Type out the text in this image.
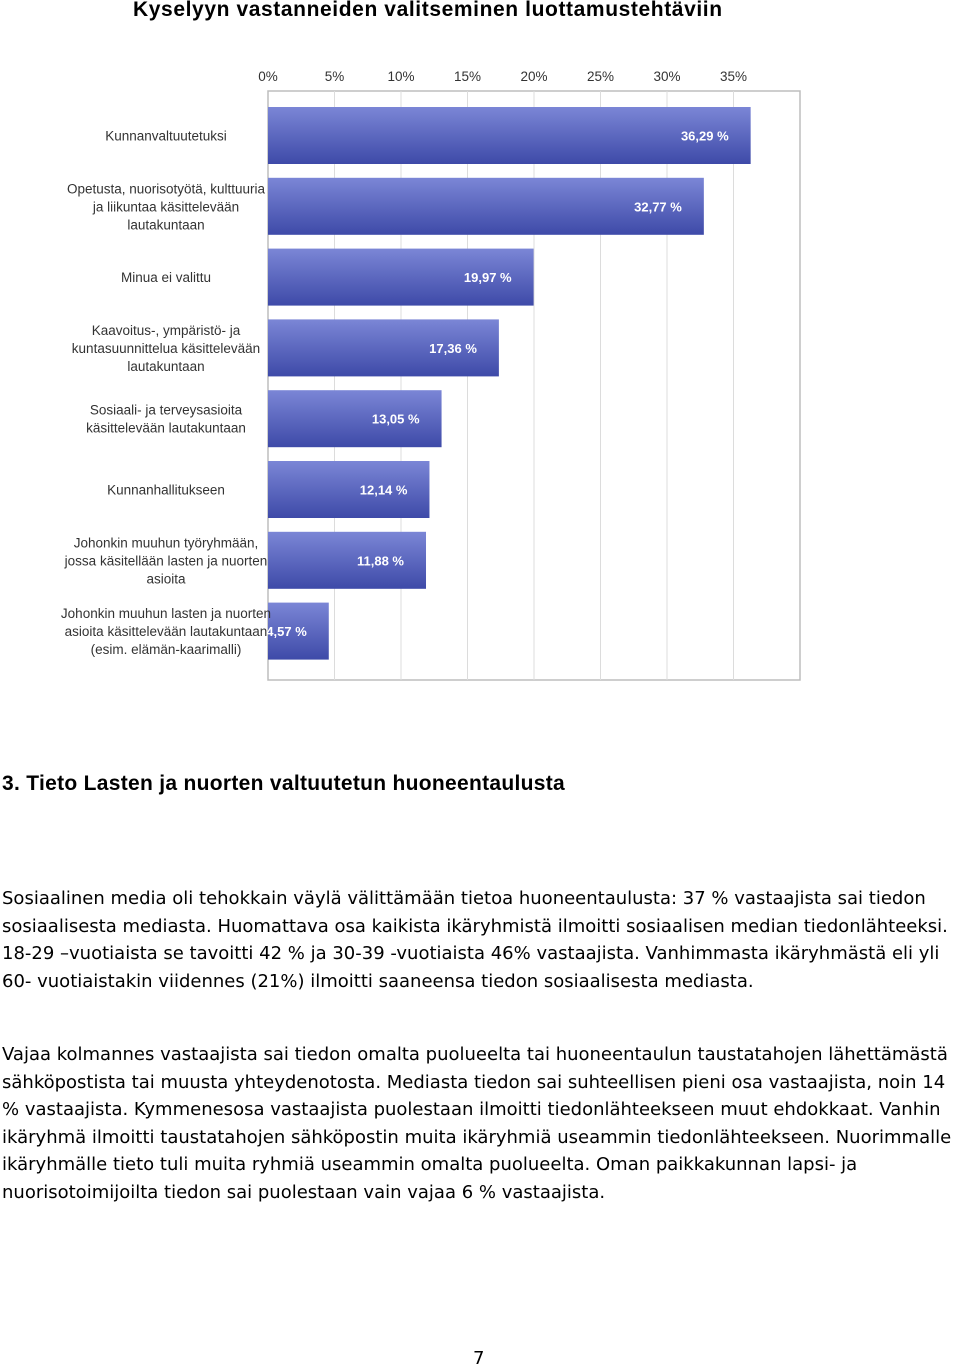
Kyselyyn vastanneiden valitseminen luottamustehtäviin
0%	5%	10%	15%	20%	25%	30%	35%
36,29 %
Kunnanvaltuutetuksi
32,77 %
Opetusta, nuorisotyötä, kulttuuria ja liikuntaa käsittelevään lautakuntaan
19,97 %
Minua ei valittu
17,36 %
Kaavoitus-, ympäristö- ja kuntasuunnittelua käsittelevään lautakuntaan
13,05 %
Sosiaali- ja terveysasioita käsittelevään lautakuntaan
12,14 %
Kunnanhallitukseen
11,88 %
Johonkin muuhun työryhmään, jossa käsitellään lasten ja nuorten asioita
4,57 %
Johonkin muuhun lasten ja nuorten asioita käsittelevään lautakuntaan (esim. elämän-kaarimalli)
3. Tieto Lasten ja nuorten valtuutetun huoneentaulusta

Sosiaalinen media oli tehokkain väylä välittämään tietoa huoneentaulusta: 37 % vastaajista sai tiedon sosiaalisesta mediasta. Huomattava osa kaikista ikäryhmistä ilmoitti sosiaalisen median tiedonlähteeksi. 18-29 –vuotiaista se tavoitti 42 % ja 30-39 -vuotiaista 46% vastaajista. Vanhimmasta ikäryhmästä eli yli 60- vuotiaistakin viidennes (21%) ilmoitti saaneensa tiedon sosiaalisesta mediasta.

Vajaa kolmannes vastaajista sai tiedon omalta puolueelta tai huoneentaulun taustatahojen lähettämästä sähköpostista tai muusta yhteydenotosta. Mediasta tiedon sai suhteellisen pieni osa vastaajista, noin 14 % vastaajista. Kymmenesosa vastaajista puolestaan ilmoitti tiedonlähteekseen muut ehdokkaat. Vanhin ikäryhmä ilmoitti taustatahojen sähköpostin muita ikäryhmiä useammin tiedonlähteekseen. Nuorimmalle ikäryhmälle tieto tuli muita ryhmiä useammin omalta puolueelta. Oman paikkakunnan lapsi- ja nuorisotoimijoilta tiedon sai puolestaan vain vajaa 6 % vastaajista.

7
